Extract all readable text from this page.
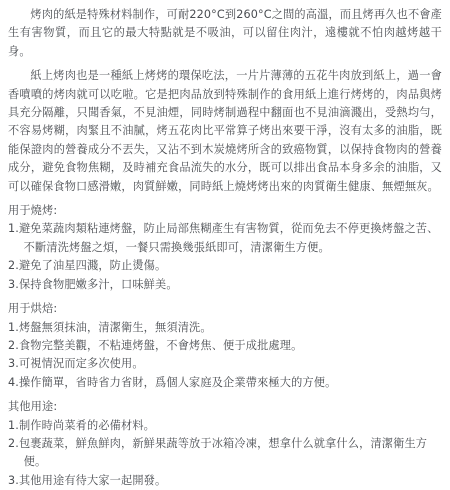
烤肉的紙是特殊材料制作，可耐220°C到260°C之間的高溫，而且烤再久也不會產生有害物質，而且它的最大特點就是不吸油，可以留住肉汁，遠樓就不怕肉越烤越干身。

紙上烤肉也是一種紙上烤烤的環保吃法，一片片薄薄的五花牛肉放到紙上，過一會香噴噴的烤肉就可以吃啦。它是把肉品放到特殊制作的食用紙上進行烤烤的，肉品與烤具充分隔離，只聞香氣，不見油煙，同時烤制過程中翻面也不見油滴濺出，受熱均勻，不容易烤糊，肉緊且不油膩，烤五花肉比平常算子烤出來要干淨，沒有太多的油脂，既能保證肉的營養成分不丟失，又沾不到木炭燒烤所含的致癌物質，以保持食物肉的營養成分，避免食物焦糊，及時補充食品流失的水分，既可以排出食品本身多余的油脂，又可以確保食物口感滑嫩，肉質鮮嫩，同時紙上燒烤烤出來的肉質衛生健康、無煙無灰。

用于燒烤:
1.避免菜蔬肉類粘連烤盤，防止局部焦糊產生有害物質，從而免去不停更換烤盤之苦、不斷清洗烤盤之煩，一餐只需換幾張紙即可，清潔衛生方便。
2.避免了油星四濺，防止燙傷。
3.保持食物肥嫩多汁，口味鮮美。
用于烘焙:
1.烤盤無須抹油，清潔衛生，無須清洗。
2.食物完整美觀，不粘連烤盤，不會烤焦、便于成批處理。
3.可視情況而定多次使用。
4.操作簡單，省時省力省財，爲個人家庭及企業帶來極大的方便。
其他用途:
1.制作時尚菜肴的必備材料。
2.包裹蔬菜，鮮魚鮮肉，新鮮果蔬等放于冰箱冷凍，想拿什么就拿什么，清潔衛生方便。
3.其他用途有待大家一起開發。
